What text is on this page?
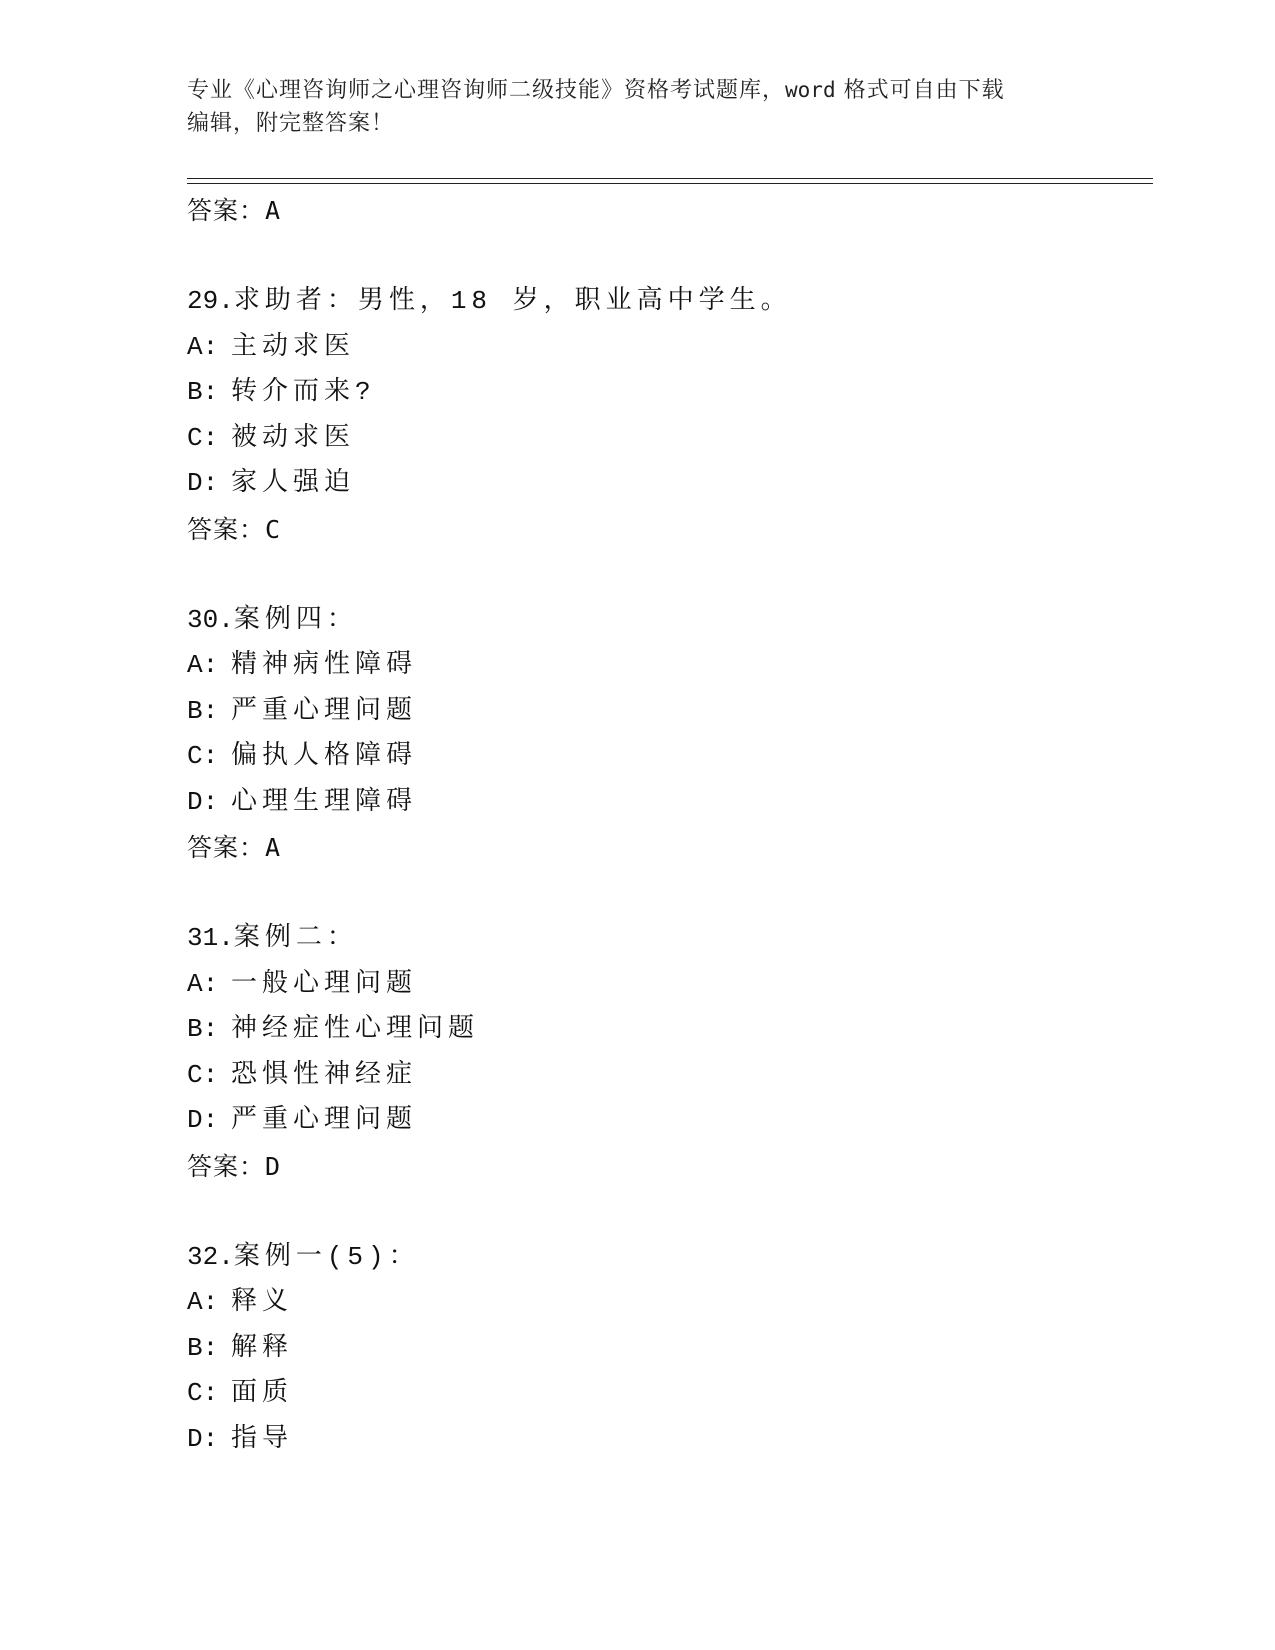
专业《心理咨询师之心理咨询师二级技能》资格考试题库，word 格式可自由下载
编辑，附完整答案！
答案：A
29.求助者：男性，18 岁，职业高中学生。
A: 主动求医
B: 转介而来?
C: 被动求医
D: 家人强迫
答案：C
30.案例四：
A: 精神病性障碍
B: 严重心理问题
C: 偏执人格障碍
D: 心理生理障碍
答案：A
31.案例二：
A: 一般心理问题
B: 神经症性心理问题
C: 恐惧性神经症
D: 严重心理问题
答案：D
32.案例一(5)：
A: 释义
B: 解释
C: 面质
D: 指导
